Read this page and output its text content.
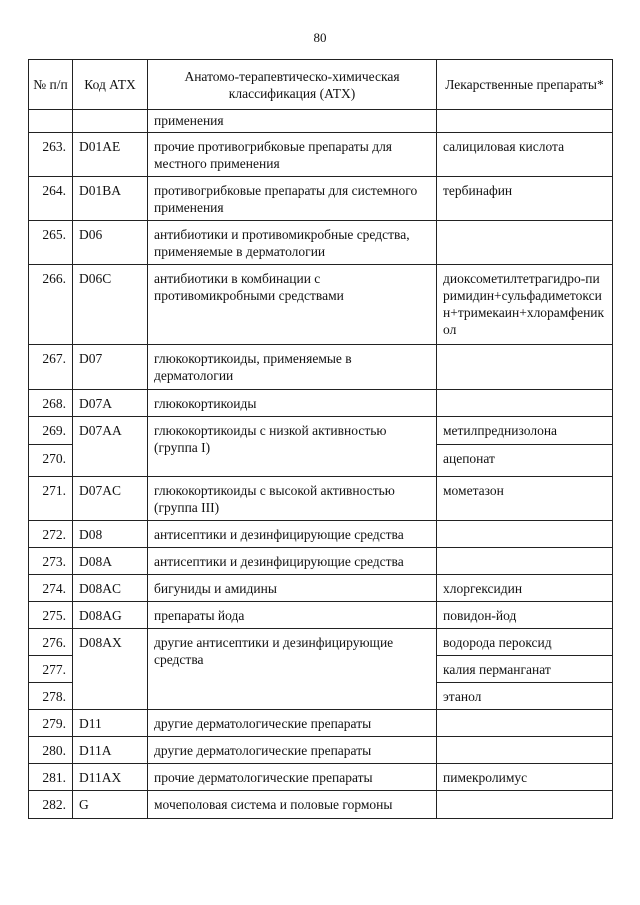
80
№ п/п	Код АТХ	Анатомо-терапевтическо-химическая классификация (АТХ)	Лекарственные препараты*
		применения	
263.	D01AE	прочие противогрибковые препараты для местного применения	салициловая кислота
264.	D01BA	противогрибковые препараты для системного применения	тербинафин
265.	D06	антибиотики и противомикробные средства, применяемые в дерматологии	
266.	D06C	антибиотики в комбинации с противомикробными средствами	диоксометилтетрагидро-пиримидин+сульфадиметоксин+тримекаин+хлорамфеникол
267.	D07	глюкокортикоиды, применяемые в дерматологии	
268.	D07A	глюкокортикоиды	
269.	D07AA	глюкокортикоиды с низкой активностью (группа I)	метилпреднизолона
270.			ацепонат
271.	D07AC	глюкокортикоиды с высокой активностью (группа III)	мометазон
272.	D08	антисептики и дезинфицирующие средства	
273.	D08A	антисептики и дезинфицирующие средства	
274.	D08AC	бигуниды и амидины	хлоргексидин
275.	D08AG	препараты йода	повидон-йод
276.	D08AX	другие антисептики и дезинфицирующие средства	водорода пероксид
277.			калия перманганат
278.			этанол
279.	D11	другие дерматологические препараты	
280.	D11A	другие дерматологические препараты	
281.	D11AX	прочие дерматологические препараты	пимекролимус
282.	G	мочеполовая система и половые гормоны	
